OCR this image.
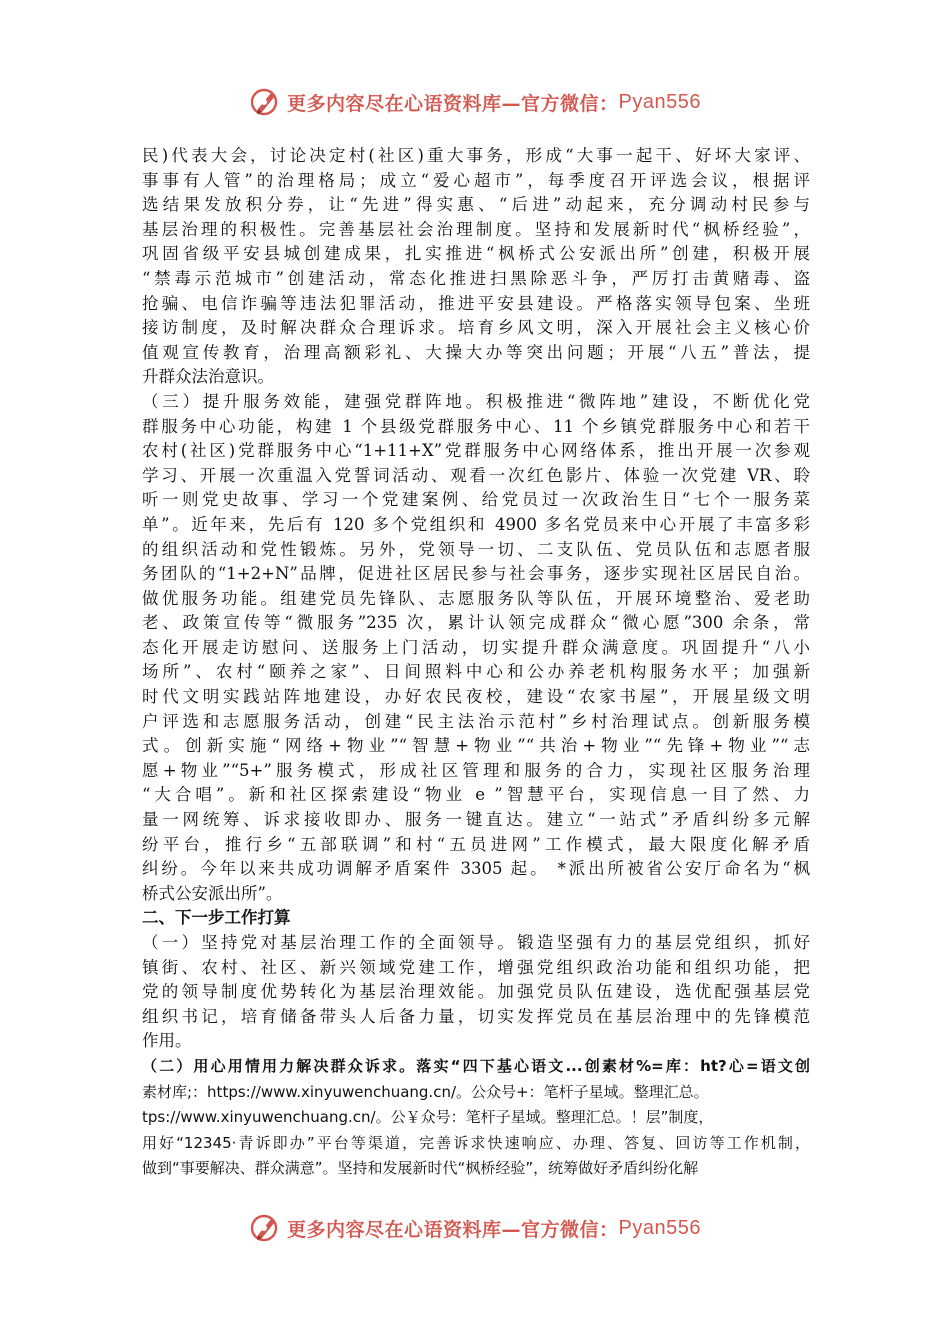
更多内容尽在心语资料库—官方微信： Pyan556
民)代表大会，讨论决定村(社区)重大事务，形成“大事一起干、好坏大家评、
事事有人管”的治理格局；成立“爱心超市”，每季度召开评选会议，根据评
选结果发放积分券，让“先进”得实惠、“后进”动起来，充分调动村民参与
基层治理的积极性。完善基层社会治理制度。坚持和发展新时代“枫桥经验”，
巩固省级平安县城创建成果，扎实推进“枫桥式公安派出所”创建，积极开展
“禁毒示范城市”创建活动，常态化推进扫黑除恶斗争，严厉打击黄赌毒、盗
抢骗、电信诈骗等违法犯罪活动，推进平安县建设。严格落实领导包案、坐班
接访制度，及时解决群众合理诉求。培育乡风文明，深入开展社会主义核心价
值观宣传教育，治理高额彩礼、大操大办等突出问题；开展“八五”普法，提
升群众法治意识。
（三）提升服务效能，建强党群阵地。积极推进“微阵地”建设，不断优化党
群服务中心功能，构建 1 个县级党群服务中心、11 个乡镇党群服务中心和若干
农村(社区)党群服务中心“1+11+X”党群服务中心网络体系，推出开展一次参观
学习、开展一次重温入党誓词活动、观看一次红色影片、体验一次党建 VR、聆
听一则党史故事、学习一个党建案例、给党员过一次政治生日“七个一服务菜
单”。近年来，先后有 120 多个党组织和 4900 多名党员来中心开展了丰富多彩
的组织活动和党性锻炼。另外，党领导一切、二支队伍、党员队伍和志愿者服
务团队的“1+2+N”品牌，促进社区居民参与社会事务，逐步实现社区居民自治。
做优服务功能。组建党员先锋队、志愿服务队等队伍，开展环境整治、爱老助
老、政策宣传等“微服务”235 次，累计认领完成群众“微心愿”300 余条，常
态化开展走访慰问、送服务上门活动，切实提升群众满意度。巩固提升“八小
场所”、农村“颐养之家”、日间照料中心和公办养老机构服务水平；加强新
时代文明实践站阵地建设，办好农民夜校，建设“农家书屋”，开展星级文明
户评选和志愿服务活动，创建“民主法治示范村”乡村治理试点。创新服务模
式。创新实施“网络+物业”“智慧+物业”“共治+物业”“先锋+物业”“志
愿+物业”“5+”服务模式，形成社区管理和服务的合力，实现社区服务治理
“大合唱”。新和社区探索建设“物业 e ”智慧平台，实现信息一目了然、力
量一网统筹、诉求接收即办、服务一键直达。建立“一站式”矛盾纠纷多元解
纷平台，推行乡“五部联调”和村“五员进网”工作模式，最大限度化解矛盾
纠纷。今年以来共成功调解矛盾案件 3305 起。 *派出所被省公安厅命名为“枫
桥式公安派出所”。
二、下一步工作打算
（一）坚持党对基层治理工作的全面领导。锻造坚强有力的基层党组织，抓好
镇街、农村、社区、新兴领域党建工作，增强党组织政治功能和组织功能，把
党的领导制度优势转化为基层治理效能。加强党员队伍建设，选优配强基层党
组织书记，培育储备带头人后备力量，切实发挥党员在基层治理中的先锋模范
作用。
（二）用心用情用力解决群众诉求。落实“四下基心语文...创素材%=库：ht?心=语文创
素材库;：https://www.xinyuwenchuang.cn/。公众号+：笔杆子星域。整理汇总。
tps://www.xinyuwenchuang.cn/。公￥众号：笔杆子星域。整理汇总。！层”制度，
用好“12345·青诉即办”平台等渠道，完善诉求快速响应、办理、答复、回访等工作机制，
做到“事要解决、群众满意”。坚持和发展新时代“枫桥经验”，统筹做好矛盾纠纷化解
更多内容尽在心语资料库—官方微信： Pyan556
